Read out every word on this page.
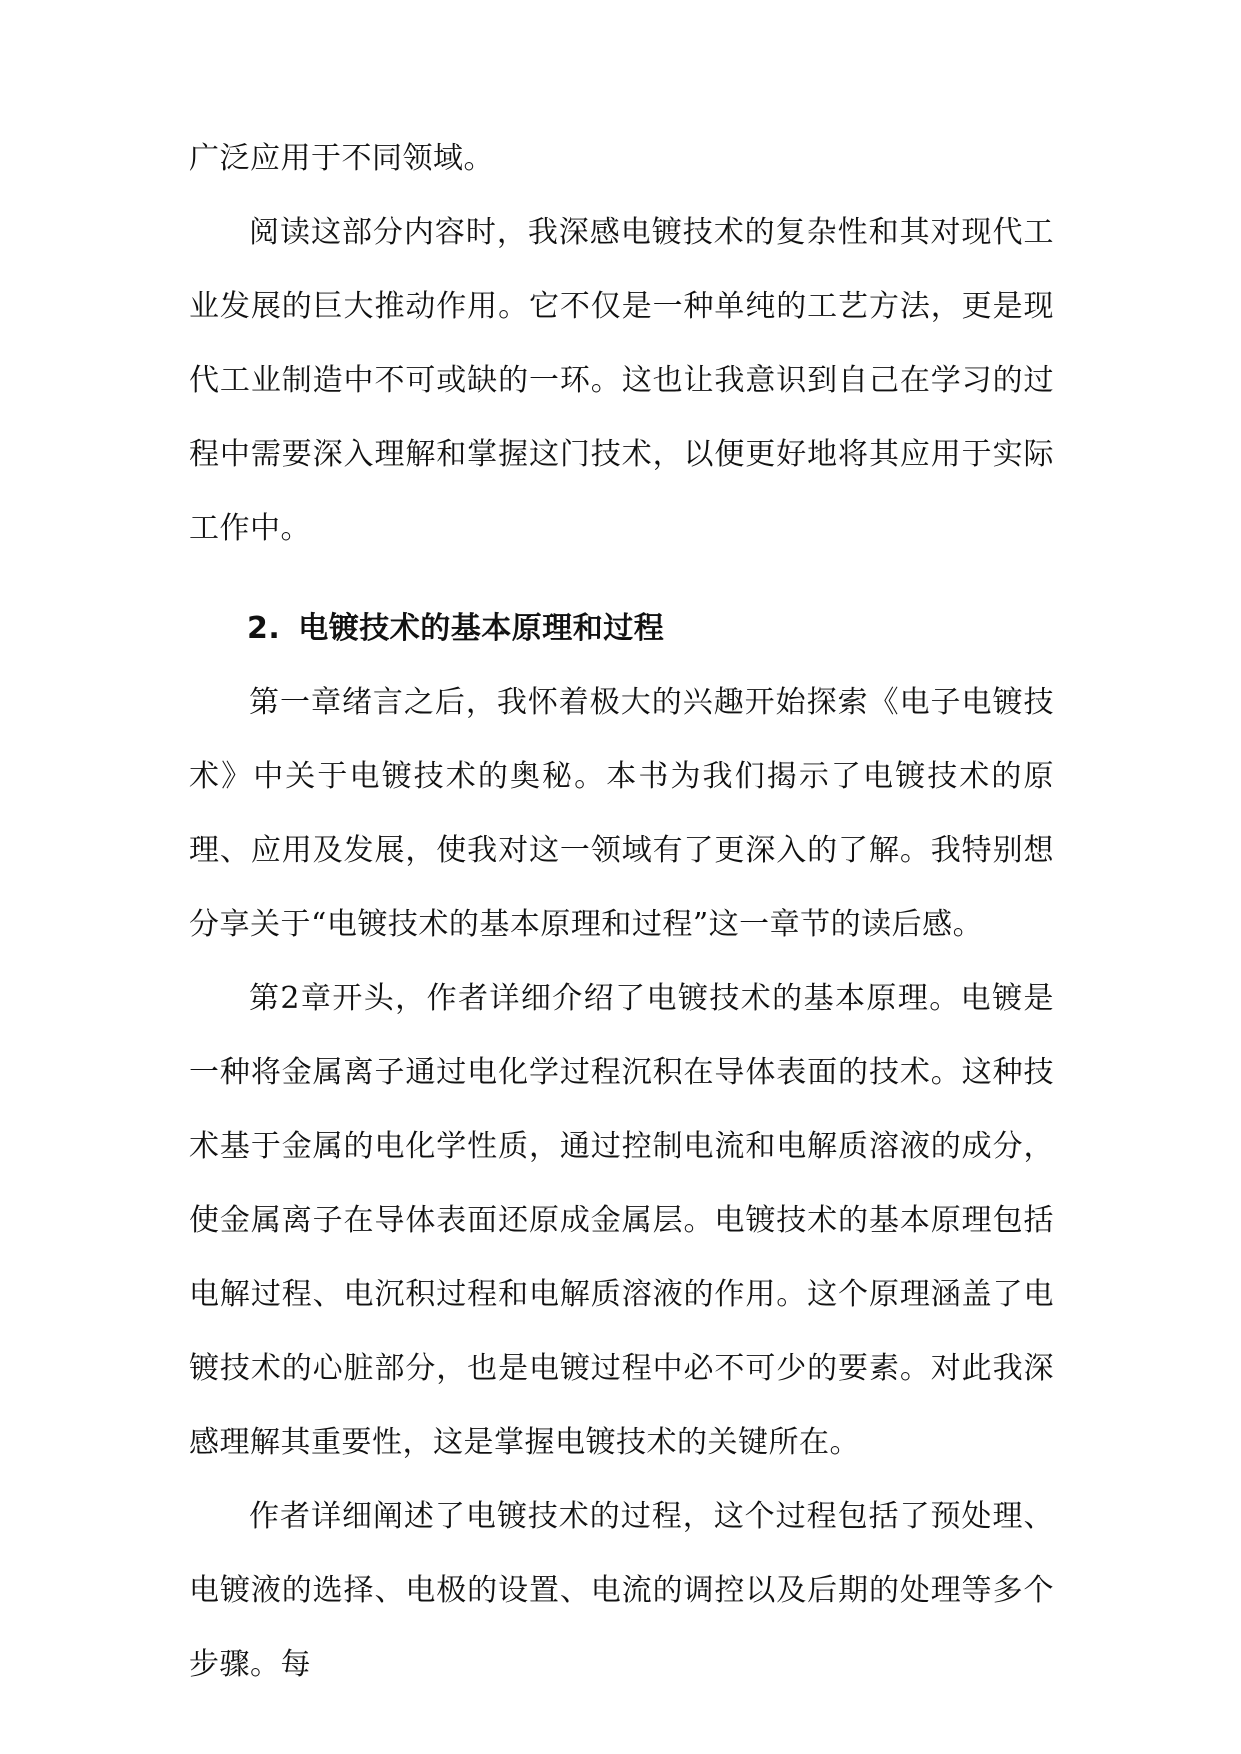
广泛应用于不同领域。

阅读这部分内容时，我深感电镀技术的复杂性和其对现代工业发展的巨大推动作用。它不仅是一种单纯的工艺方法，更是现代工业制造中不可或缺的一环。这也让我意识到自己在学习的过程中需要深入理解和掌握这门技术，以便更好地将其应用于实际工作中。

2. 电镀技术的基本原理和过程

第一章绪言之后，我怀着极大的兴趣开始探索《电子电镀技术》中关于电镀技术的奥秘。本书为我们揭示了电镀技术的原理、应用及发展，使我对这一领域有了更深入的了解。我特别想分享关于“电镀技术的基本原理和过程”这一章节的读后感。

第2章开头，作者详细介绍了电镀技术的基本原理。电镀是一种将金属离子通过电化学过程沉积在导体表面的技术。这种技术基于金属的电化学性质，通过控制电流和电解质溶液的成分，使金属离子在导体表面还原成金属层。电镀技术的基本原理包括电解过程、电沉积过程和电解质溶液的作用。这个原理涵盖了电镀技术的心脏部分，也是电镀过程中必不可少的要素。对此我深感理解其重要性，这是掌握电镀技术的关键所在。

作者详细阐述了电镀技术的过程，这个过程包括了预处理、电镀液的选择、电极的设置、电流的调控以及后期的处理等多个步骤。每
